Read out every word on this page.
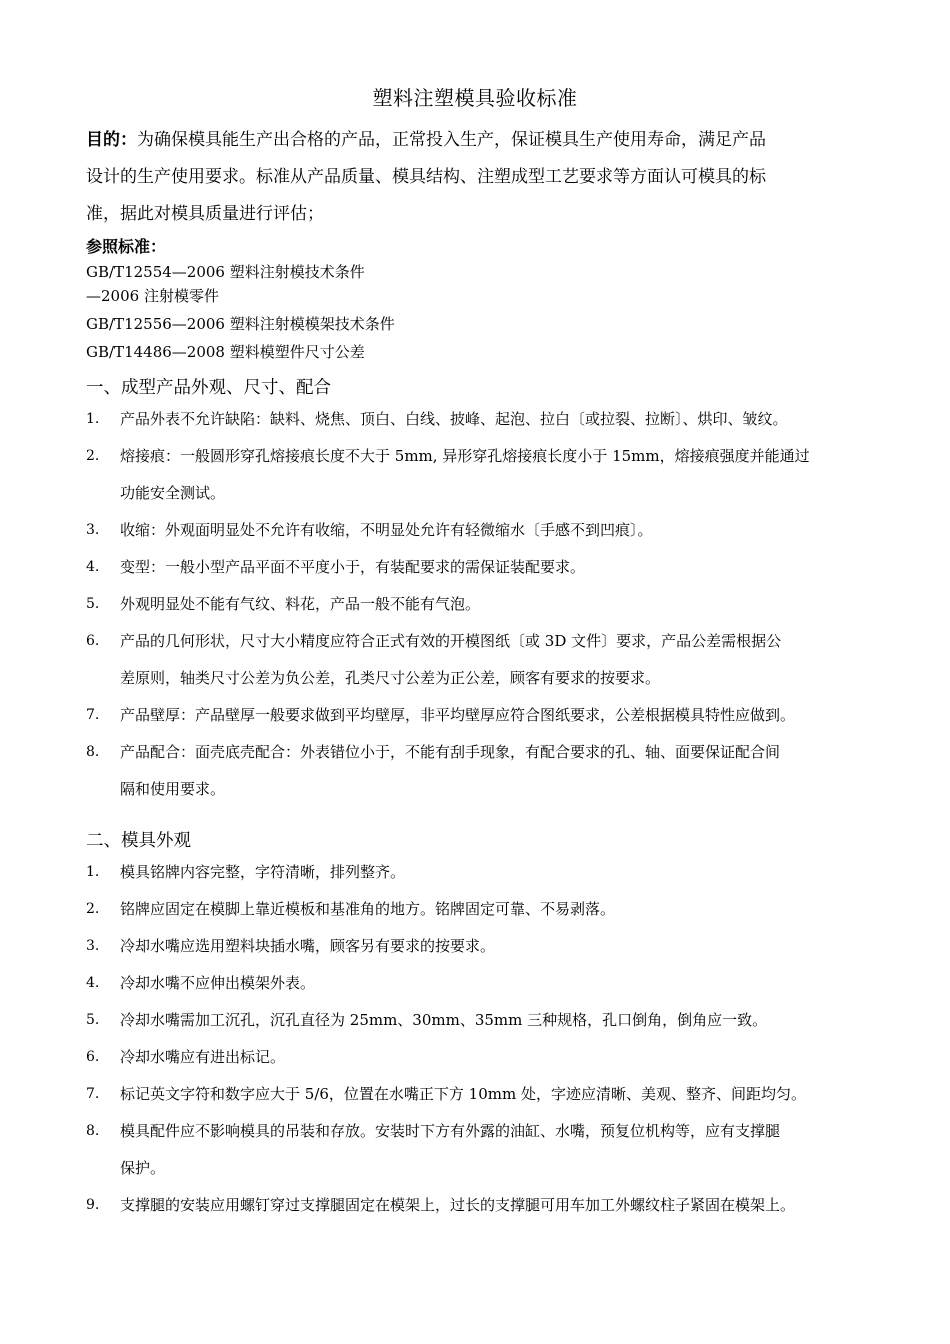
塑料注塑模具验收标准
目的：为确保模具能生产出合格的产品，正常投入生产，保证模具生产使用寿命，满足产品
设计的生产使用要求。标准从产品质量、模具结构、注塑成型工艺要求等方面认可模具的标
准，据此对模具质量进行评估；
参照标准：
GB/T12554—2006 塑料注射模技术条件
—2006 注射模零件
GB/T12556—2006 塑料注射模模架技术条件
GB/T14486—2008 塑料模塑件尺寸公差
一、成型产品外观、尺寸、配合
1.	产品外表不允许缺陷：缺料、烧焦、顶白、白线、披峰、起泡、拉白〔或拉裂、拉断〕、烘印、皱纹。
2.	熔接痕：一般圆形穿孔熔接痕长度不大于 5mm, 异形穿孔熔接痕长度小于 15mm，熔接痕强度并能通过
功能安全测试。
3.	收缩：外观面明显处不允许有收缩，不明显处允许有轻微缩水〔手感不到凹痕〕。
4.	变型：一般小型产品平面不平度小于，有装配要求的需保证装配要求。
5.	外观明显处不能有气纹、料花，产品一般不能有气泡。
6.	产品的几何形状，尺寸大小精度应符合正式有效的开模图纸〔或 3D 文件〕要求，产品公差需根据公
差原则，轴类尺寸公差为负公差，孔类尺寸公差为正公差，顾客有要求的按要求。
7.	产品壁厚：产品壁厚一般要求做到平均壁厚，非平均壁厚应符合图纸要求，公差根据模具特性应做到。
8.	产品配合：面壳底壳配合：外表错位小于，不能有刮手现象，有配合要求的孔、轴、面要保证配合间
隔和使用要求。
二、模具外观
1.	模具铭牌内容完整，字符清晰，排列整齐。
2.	铭牌应固定在模脚上靠近模板和基准角的地方。铭牌固定可靠、不易剥落。
3.	冷却水嘴应选用塑料块插水嘴，顾客另有要求的按要求。
4.	冷却水嘴不应伸出模架外表。
5.	冷却水嘴需加工沉孔，沉孔直径为 25mm、30mm、35mm 三种规格，孔口倒角，倒角应一致。
6.	冷却水嘴应有进出标记。
7.	标记英文字符和数字应大于 5/6，位置在水嘴正下方 10mm 处，字迹应清晰、美观、整齐、间距均匀。
8.	模具配件应不影响模具的吊装和存放。安装时下方有外露的油缸、水嘴，预复位机构等，应有支撑腿
保护。
9.	支撑腿的安装应用螺钉穿过支撑腿固定在模架上，过长的支撑腿可用车加工外螺纹柱子紧固在模架上。
